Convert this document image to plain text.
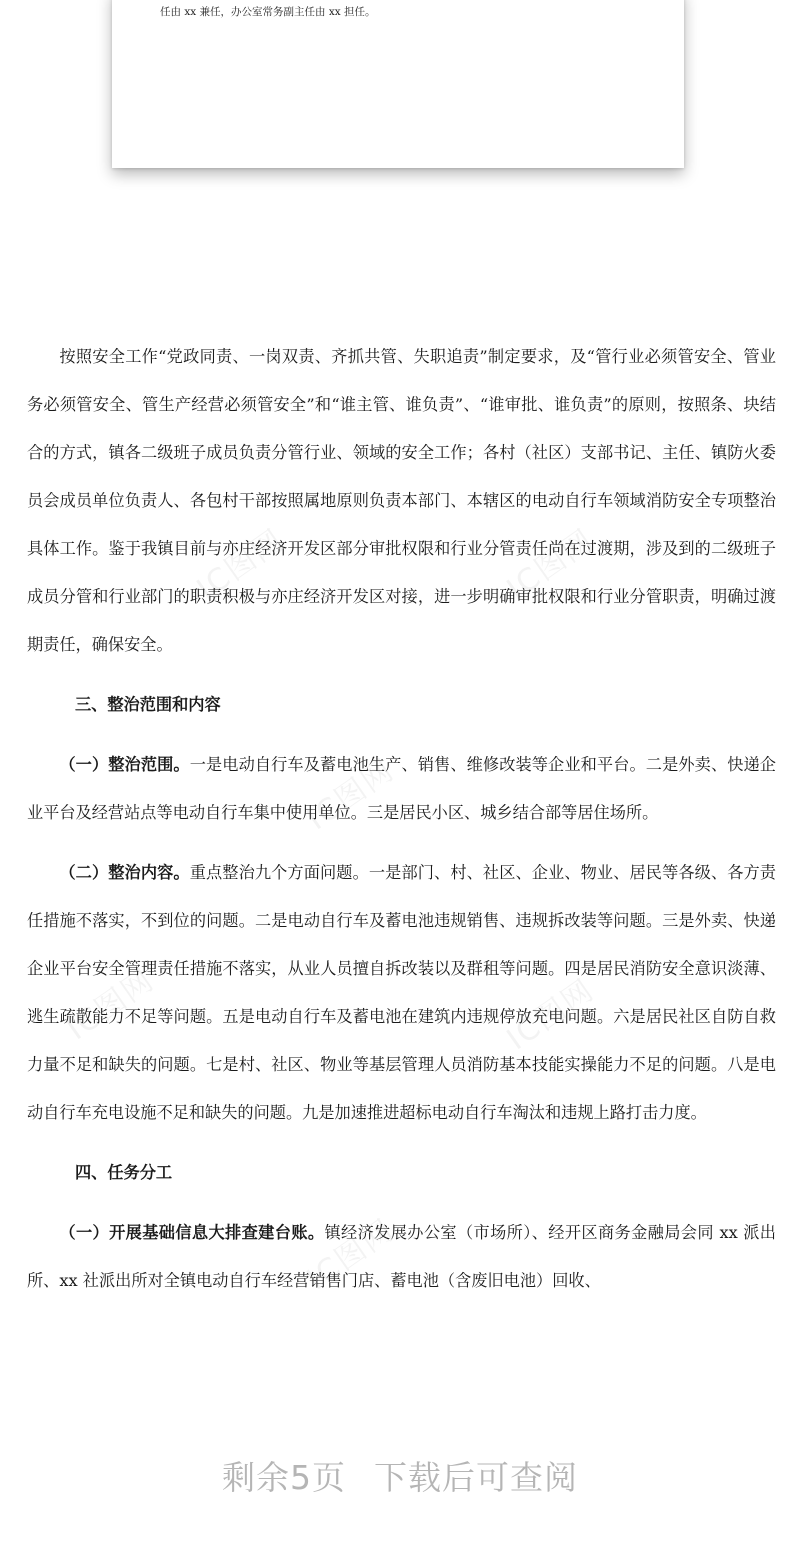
任由 xx 兼任，办公室常务副主任由 xx 担任。
IC图网	IC图网
IC图网
IC图网	IC图网
IC图网

按照安全工作“党政同责、一岗双责、齐抓共管、失职追责”制定要求，及“管行业必须管安全、管业务必须管安全、管生产经营必须管安全”和“谁主管、谁负责”、“谁审批、谁负责”的原则，按照条、块结合的方式，镇各二级班子成员负责分管行业、领域的安全工作；各村（社区）支部书记、主任、镇防火委员会成员单位负责人、各包村干部按照属地原则负责本部门、本辖区的电动自行车领域消防安全专项整治具体工作。鉴于我镇目前与亦庄经济开发区部分审批权限和行业分管责任尚在过渡期，涉及到的二级班子成员分管和行业部门的职责积极与亦庄经济开发区对接，进一步明确审批权限和行业分管职责，明确过渡期责任，确保安全。

三、整治范围和内容

（一）整治范围。一是电动自行车及蓄电池生产、销售、维修改装等企业和平台。二是外卖、快递企业平台及经营站点等电动自行车集中使用单位。三是居民小区、城乡结合部等居住场所。

（二）整治内容。重点整治九个方面问题。一是部门、村、社区、企业、物业、居民等各级、各方责任措施不落实，不到位的问题。二是电动自行车及蓄电池违规销售、违规拆改装等问题。三是外卖、快递企业平台安全管理责任措施不落实，从业人员擅自拆改装以及群租等问题。四是居民消防安全意识淡薄、逃生疏散能力不足等问题。五是电动自行车及蓄电池在建筑内违规停放充电问题。六是居民社区自防自救力量不足和缺失的问题。七是村、社区、物业等基层管理人员消防基本技能实操能力不足的问题。八是电动自行车充电设施不足和缺失的问题。九是加速推进超标电动自行车淘汰和违规上路打击力度。

四、任务分工

（一）开展基础信息大排查建台账。镇经济发展办公室（市场所）、经开区商务金融局会同 xx 派出所、xx 社派出所对全镇电动自行车经营销售门店、蓄电池（含废旧电池）回收、

剩余5页 下载后可查阅
